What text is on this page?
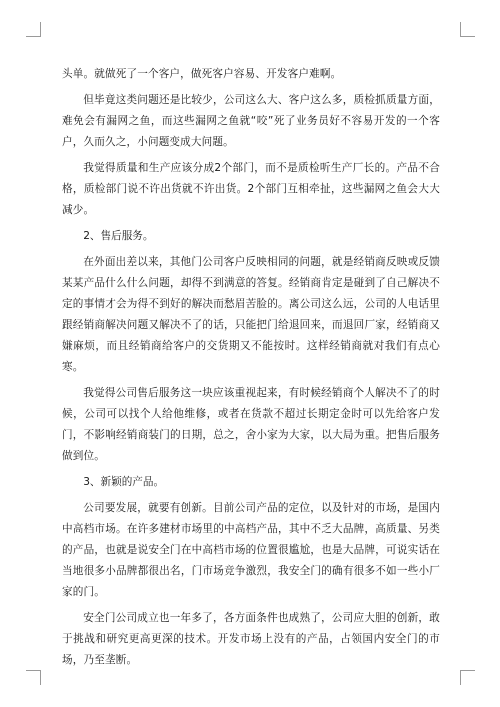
头单。就做死了一个客户，做死客户容易、开发客户难啊。

但毕竟这类问题还是比较少，公司这么大、客户这么多，质检抓质量方面，难免会有漏网之鱼，而这些漏网之鱼就“咬”死了业务员好不容易开发的一个客户，久而久之，小问题变成大问题。

我觉得质量和生产应该分成2个部门，而不是质检听生产厂长的。产品不合格，质检部门说不许出货就不许出货。2个部门互相牵扯，这些漏网之鱼会大大减少。

2、售后服务。

在外面出差以来，其他门公司客户反映相同的问题，就是经销商反映或反馈某某产品什么什么问题，却得不到满意的答复。经销商肯定是碰到了自己解决不定的事情才会为得不到好的解决而愁眉苦脸的。离公司这么远，公司的人电话里跟经销商解决问题又解决不了的话，只能把门给退回来，而退回厂家，经销商又嫌麻烦，而且经销商给客户的交货期又不能按时。这样经销商就对我们有点心寒。

我觉得公司售后服务这一块应该重视起来，有时候经销商个人解决不了的时候，公司可以找个人给他维修，或者在货款不超过长期定金时可以先给客户发门，不影响经销商装门的日期，总之，舍小家为大家，以大局为重。把售后服务做到位。

3、新颖的产品。

公司要发展，就要有创新。目前公司产品的定位，以及针对的市场，是国内中高档市场。在许多建材市场里的中高档产品，其中不乏大品牌，高质量、另类的产品，也就是说安全门在中高档市场的位置很尴尬，也是大品牌，可说实话在当地很多小品牌都很出名，门市场竞争激烈，我安全门的确有很多不如一些小厂家的门。

安全门公司成立也一年多了，各方面条件也成熟了，公司应大胆的创新，敢于挑战和研究更高更深的技术。开发市场上没有的产品，占领国内安全门的市场，乃至垄断。
